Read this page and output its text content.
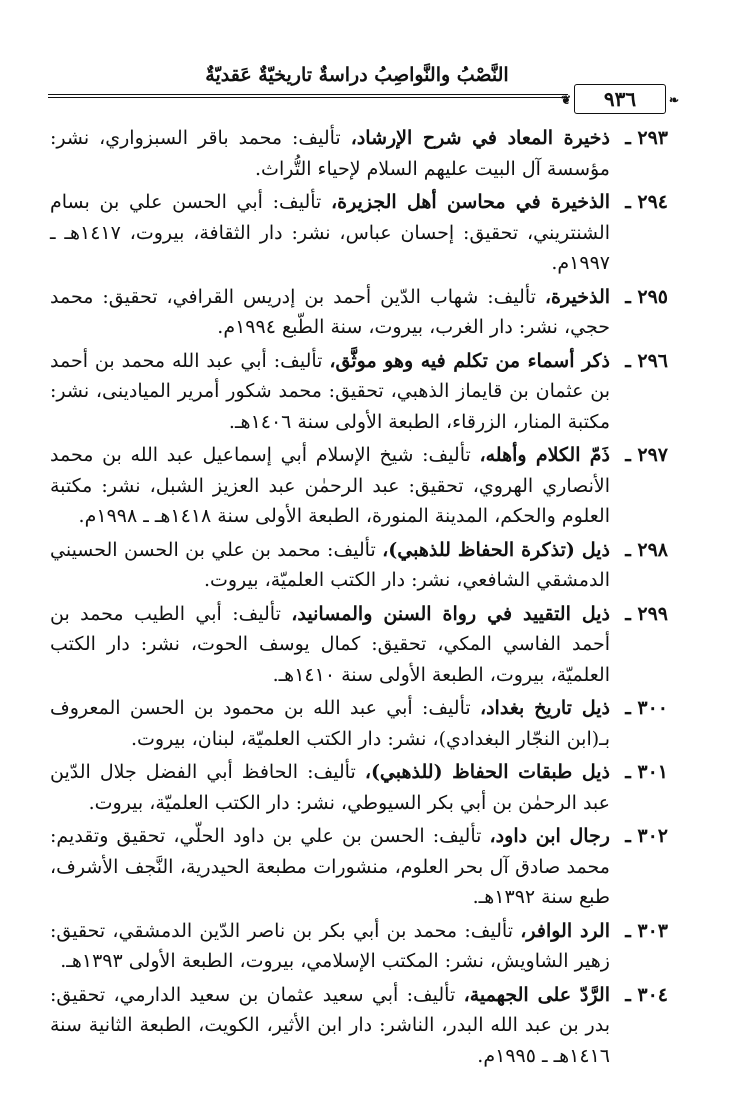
النَّصْبُ والنَّواصِبُ دراسةٌ تاريخيّةٌ عَقديّةٌ
❦ ٩٣٦ ❧
٢٩٣ ـ
ذخيرة المعاد في شرح الإرشاد، تأليف: محمد باقر السبزواري، نشر: مؤسسة آل البيت عليهم السلام لإحياء التُّراث.
٢٩٤ ـ
الذخيرة في محاسن أهل الجزيرة، تأليف: أبي الحسن علي بن بسام الشنتريني، تحقيق: إحسان عباس، نشر: دار الثقافة، بيروت، ١٤١٧هـ ـ ١٩٩٧م.
٢٩٥ ـ
الذخيرة، تأليف: شهاب الدّين أحمد بن إدريس القرافي، تحقيق: محمد حجي، نشر: دار الغرب، بيروت، سنة الطّبع ١٩٩٤م.
٢٩٦ ـ
ذكر أسماء من تكلم فيه وهو موثَّق، تأليف: أبي عبد الله محمد بن أحمد بن عثمان بن قايماز الذهبي، تحقيق: محمد شكور أمرير الميادينى، نشر: مكتبة المنار، الزرقاء، الطبعة الأولى سنة ١٤٠٦هـ.
٢٩٧ ـ
ذَمّ الكلام وأهله، تأليف: شيخ الإسلام أبي إسماعيل عبد الله بن محمد الأنصاري الهروي، تحقيق: عبد الرحمٰن عبد العزيز الشبل، نشر: مكتبة العلوم والحكم، المدينة المنورة، الطبعة الأولى سنة ١٤١٨هـ ـ ١٩٩٨م.
٢٩٨ ـ
ذيل (تذكرة الحفاظ للذهبي)، تأليف: محمد بن علي بن الحسن الحسيني الدمشقي الشافعي، نشر: دار الكتب العلميّة، بيروت.
٢٩٩ ـ
ذيل التقييد في رواة السنن والمسانيد، تأليف: أبي الطيب محمد بن أحمد الفاسي المكي، تحقيق: كمال يوسف الحوت، نشر: دار الكتب العلميّة، بيروت، الطبعة الأولى سنة ١٤١٠هـ.
٣٠٠ ـ
ذيل تاريخ بغداد، تأليف: أبي عبد الله بن محمود بن الحسن المعروف بـ(ابن النجّار البغدادي)، نشر: دار الكتب العلميّة، لبنان، بيروت.
٣٠١ ـ
ذيل طبقات الحفاظ (للذهبي)، تأليف: الحافظ أبي الفضل جلال الدّين عبد الرحمٰن بن أبي بكر السيوطي، نشر: دار الكتب العلميّة، بيروت.
٣٠٢ ـ
رجال ابن داود، تأليف: الحسن بن علي بن داود الحلّي، تحقيق وتقديم: محمد صادق آل بحر العلوم، منشورات مطبعة الحيدرية، النَّجف الأشرف، طبع سنة ١٣٩٢هـ.
٣٠٣ ـ
الرد الوافر، تأليف: محمد بن أبي بكر بن ناصر الدّين الدمشقي، تحقيق: زهير الشاويش، نشر: المكتب الإسلامي، بيروت، الطبعة الأولى ١٣٩٣هـ.
٣٠٤ ـ
الرَّدّ على الجهمية، تأليف: أبي سعيد عثمان بن سعيد الدارمي، تحقيق: بدر بن عبد الله البدر، الناشر: دار ابن الأثير، الكويت، الطبعة الثانية سنة ١٤١٦هـ ـ ١٩٩٥م.
